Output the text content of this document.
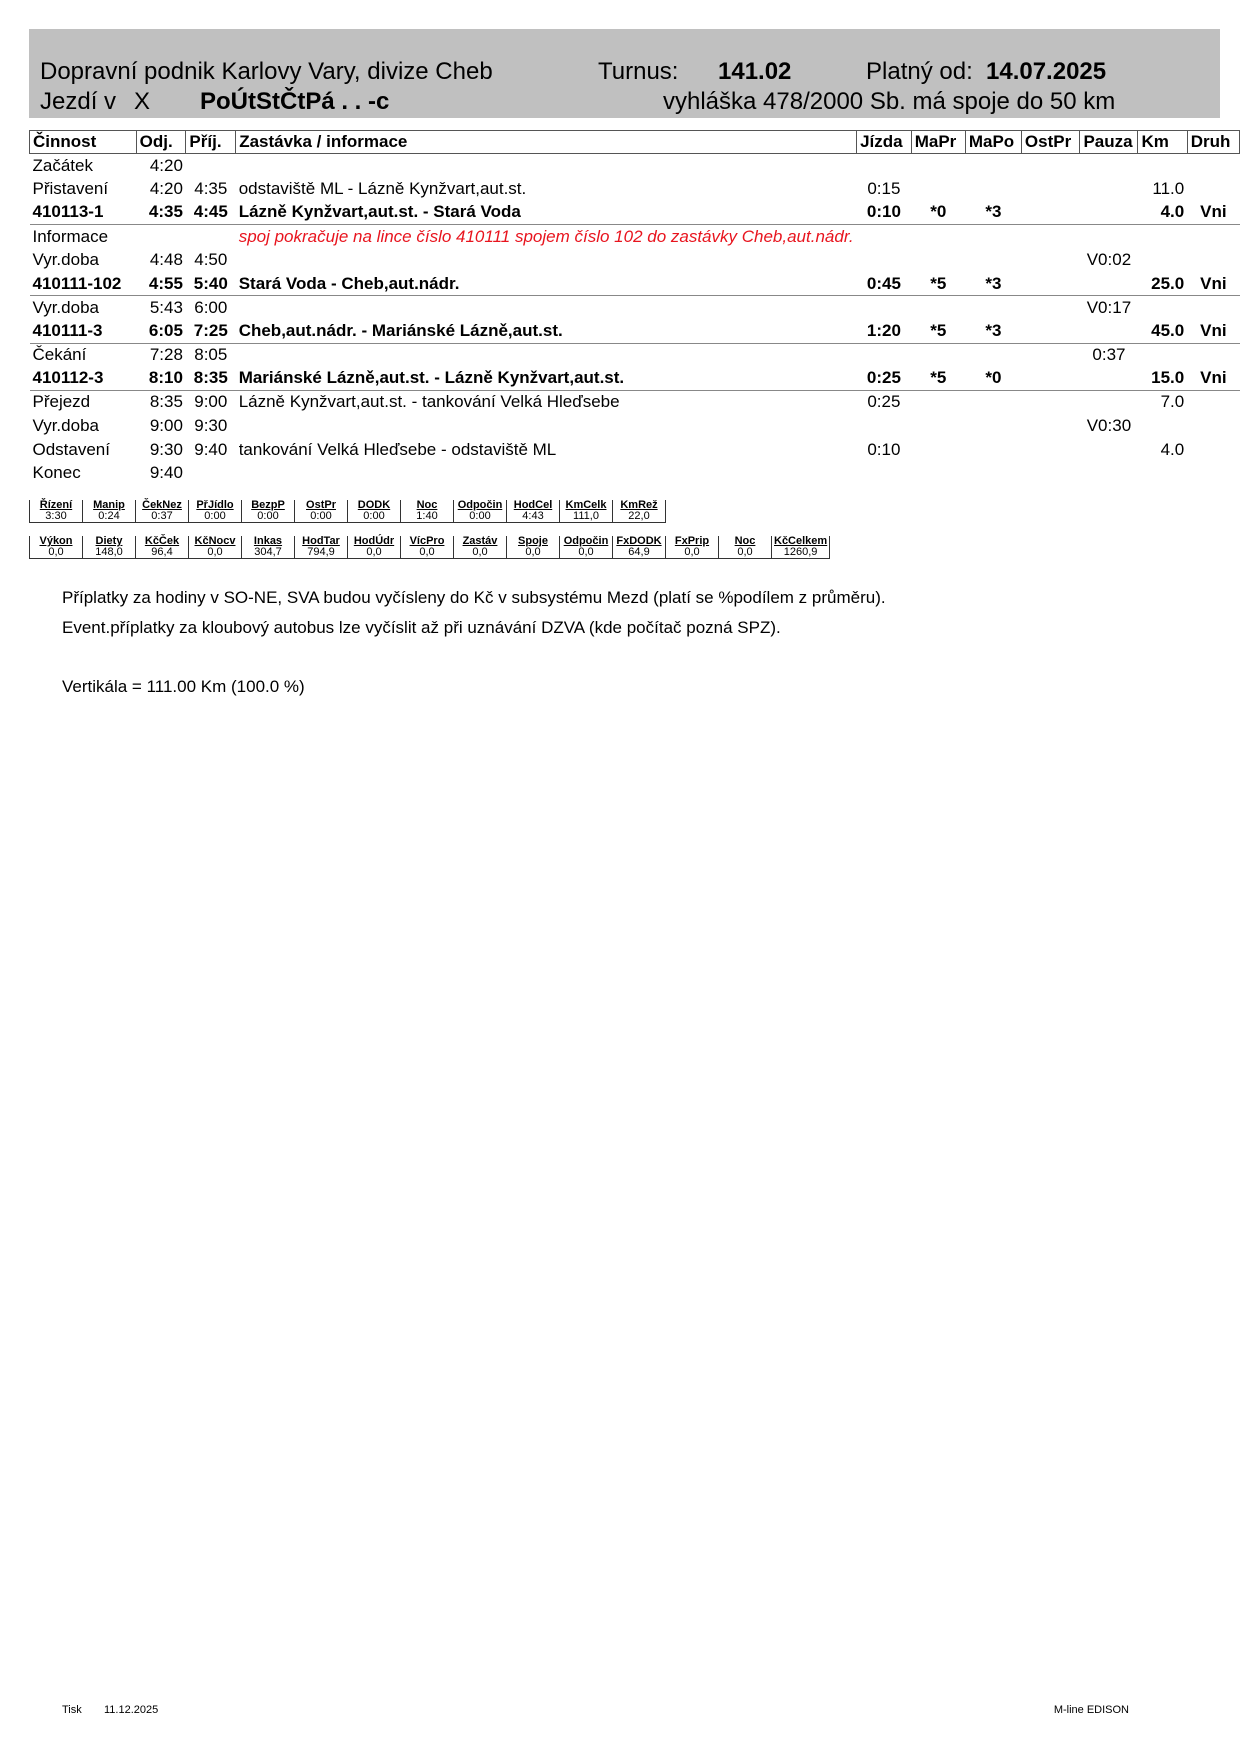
Dopravní podnik Karlovy Vary, divize Cheb	Turnus: 141.02	Platný od: 14.07.2025
Jezdí v X PoÚtStČtPá . . -c	vyhláška 478/2000 Sb. má spoje do 50 km
Činnost	Odj.	Příj.	Zastávka / informace	Jízda	MaPr	MaPo	OstPr	Pauza	Km	Druh
Začátek	4:20									
Přistavení	4:20	4:35	odstaviště ML - Lázně Kynžvart,aut.st.	0:15					11.0	
410113-1	4:35	4:45	Lázně Kynžvart,aut.st. - Stará Voda	0:10	*0	*3			4.0	Vni
Informace			spoj pokračuje na lince číslo 410111 spojem číslo 102 do zastávky Cheb,aut.nádr.							
Vyr.doba	4:48	4:50						V0:02		
410111-102	4:55	5:40	Stará Voda - Cheb,aut.nádr.	0:45	*5	*3			25.0	Vni
Vyr.doba	5:43	6:00						V0:17		
410111-3	6:05	7:25	Cheb,aut.nádr. - Mariánské Lázně,aut.st.	1:20	*5	*3			45.0	Vni
Čekání	7:28	8:05						0:37		
410112-3	8:10	8:35	Mariánské Lázně,aut.st. - Lázně Kynžvart,aut.st.	0:25	*5	*0			15.0	Vni
Přejezd	8:35	9:00	Lázně Kynžvart,aut.st. - tankování Velká Hleďsebe	0:25					7.0	
Vyr.doba	9:00	9:30						V0:30		
Odstavení	9:30	9:40	tankování Velká Hleďsebe - odstaviště ML	0:10					4.0	
Konec	9:40									
Řízení	Manip	ČekNez	PřJídlo	BezpP	OstPr	DODK	Noc	Odpočin	HodCel	KmCelk	KmRež
3:30	0:24	0:37	0:00	0:00	0:00	0:00	1:40	0:00	4:43	111,0	22,0
Výkon	Diety	KčČek	KčNocv	Inkas	HodTar	HodÚdr	VícPro	Zastáv	Spoje	Odpočin	FxDODK	FxPrip	Noc	KčCelkem
0,0	148,0	96,4	0,0	304,7	794,9	0,0	0,0	0,0	0,0	0,0	64,9	0,0	0,0	1260,9
Příplatky za hodiny v SO-NE, SVA budou vyčísleny do Kč v subsystému Mezd (platí se %podílem z průměru).
Event.příplatky za kloubový autobus lze vyčíslit až při uznávání DZVA (kde počítač pozná SPZ).
Vertikála = 111.00 Km (100.0 %)
Tisk 11.12.2025	M-line EDISON
